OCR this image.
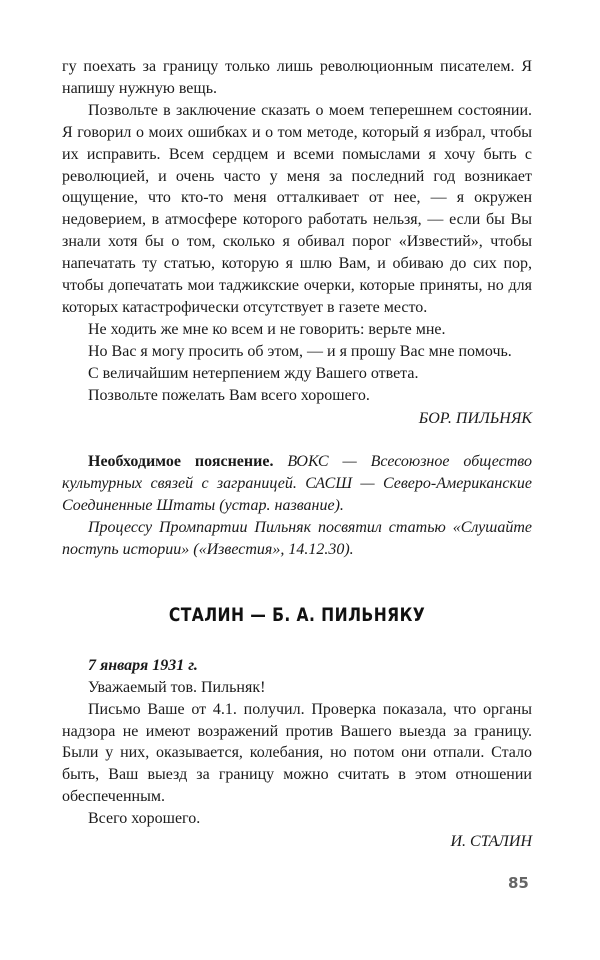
гу поехать за границу только лишь революционным писателем. Я напишу нужную вещь.

Позвольте в заключение сказать о моем теперешнем состоянии. Я говорил о моих ошибках и о том методе, который я избрал, чтобы их исправить. Всем сердцем и всеми помыслами я хочу быть с революцией, и очень часто у меня за последний год возникает ощущение, что кто-то меня отталкивает от нее, — я окружен недоверием, в атмосфере которого работать нельзя, — если бы Вы знали хотя бы о том, сколько я обивал порог «Известий», чтобы напечатать ту статью, которую я шлю Вам, и обиваю до сих пор, чтобы допечатать мои таджикские очерки, которые приняты, но для которых катастрофически отсутствует в газете место.

Не ходить же мне ко всем и не говорить: верьте мне.

Но Вас я могу просить об этом, — и я прошу Вас мне помочь.

С величайшим нетерпением жду Вашего ответа.

Позвольте пожелать Вам всего хорошего.

БОР. ПИЛЬНЯК

Необходимое пояснение. ВОКС — Всесоюзное общество культурных связей с заграницей. САСШ — Северо-Американские Соединенные Штаты (устар. название).

Процессу Промпартии Пильняк посвятил статью «Слушайте поступь истории» («Известия», 14.12.30).

СТАЛИН — Б. А. ПИЛЬНЯКУ

7 января 1931 г.

Уважаемый тов. Пильняк!

Письмо Ваше от 4.1. получил. Проверка показала, что органы надзора не имеют возражений против Вашего выезда за границу. Были у них, оказывается, колебания, но потом они отпали. Стало быть, Ваш выезд за границу можно считать в этом отношении обеспеченным.

Всего хорошего.

И. СТАЛИН

85
